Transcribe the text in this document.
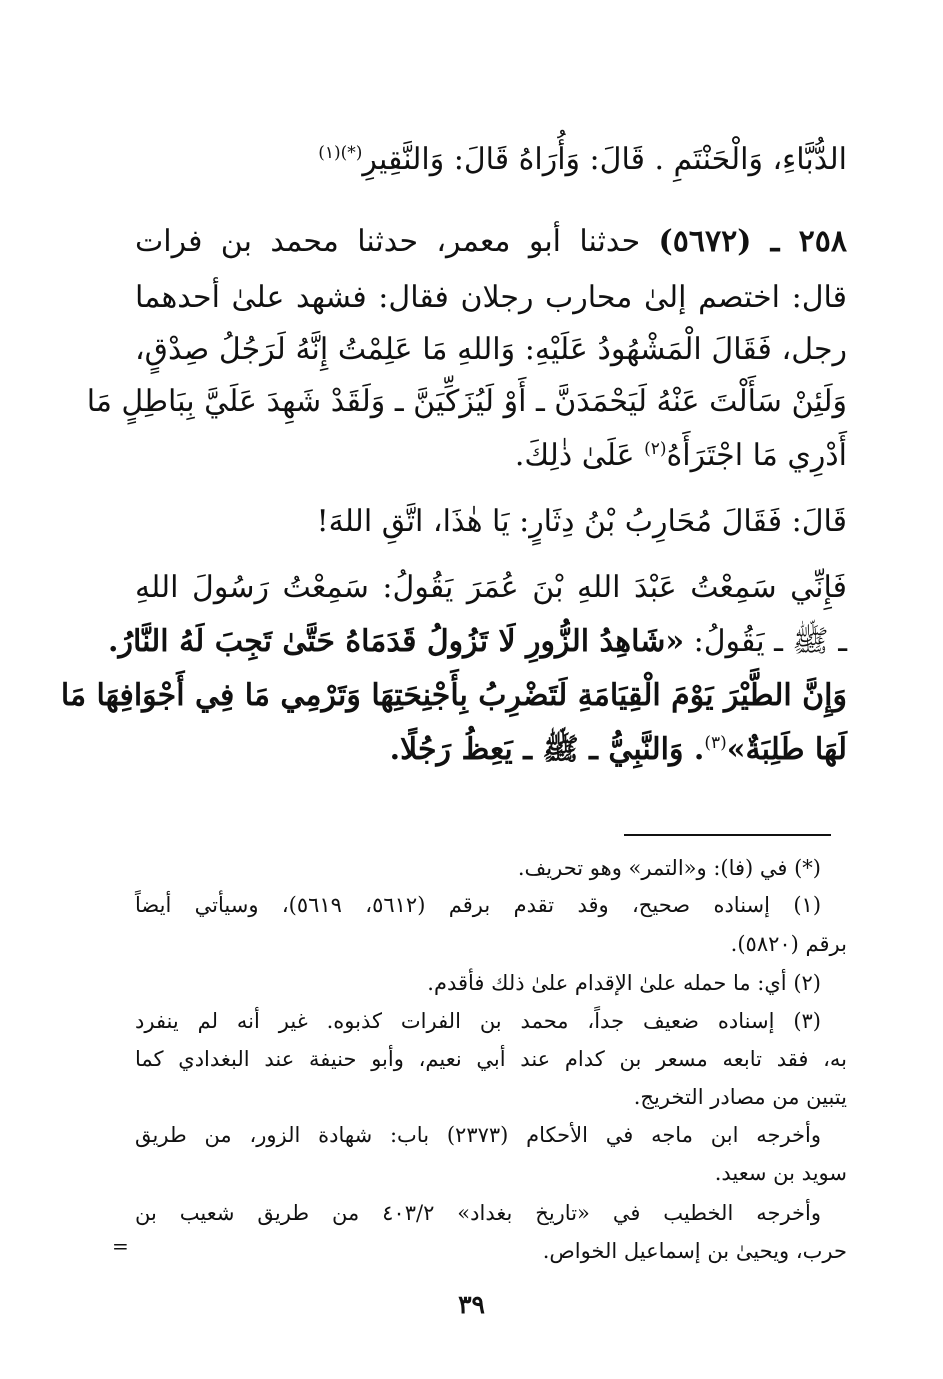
الدُّبَّاءِ، وَالْحَنْتَمِ . قَالَ: وَأُرَاهُ قَالَ: وَالنَّقِيرِ$^{(*)(١)}$
٢٥٨ ـ (٥٦٧٢) حدثنا أبو معمر، حدثنا محمد بن فرات
قال: اختصم إلىٰ محارب رجلان فقال: فشهد علىٰ أحدهما
رجل، فَقَالَ الْمَشْهُودُ عَلَيْهِ: وَاللهِ مَا عَلِمْتُ إِنَّهُ لَرَجُلُ صِدْقٍ،
وَلَئِنْ سَأَلْتَ عَنْهُ لَيَحْمَدَنَّ ـ أَوْ لَيُزَكِّيَنَّ ـ وَلَقَدْ شَهِدَ عَلَيَّ بِبَاطِلٍ مَا
أَدْرِي مَا اجْتَرَأَهُ$^{(٢)}$ عَلَىٰ ذٰلِكَ.
قَالَ: فَقَالَ مُحَارِبُ بْنُ دِثَارٍ: يَا هٰذَا، اتَّقِ اللهَ!
فَإِنِّي سَمِعْتُ عَبْدَ اللهِ بْنَ عُمَرَ يَقُولُ: سَمِعْتُ رَسُولَ اللهِ
ـ ﷺ ـ يَقُولُ: «شَاهِدُ الزُّورِ لَا تَزُولُ قَدَمَاهُ حَتَّىٰ تَجِبَ لَهُ النَّارُ.
وَإِنَّ الطَّيْرَ يَوْمَ الْقِيَامَةِ لَتَضْرِبُ بِأَجْنِحَتِهَا وَتَرْمِي مَا فِي أَجْوَافِهَا مَا
لَهَا طَلِبَةٌ»$^{(٣)}$. وَالنَّبِيُّ ـ ﷺ ـ يَعِظُ رَجُلًا.
(*) في (فا): و«التمر» وهو تحريف.
(١) إسناده صحيح، وقد تقدم برقم (٥٦١٢، ٥٦١٩)، وسيأتي أيضاً
برقم (٥٨٢٠).
(٢) أي: ما حمله علىٰ الإقدام علىٰ ذلك فأقدم.
(٣) إسناده ضعيف جداً، محمد بن الفرات كذبوه. غير أنه لم ينفرد
به، فقد تابعه مسعر بن كدام عند أبي نعيم، وأبو حنيفة عند البغدادي كما
يتبين من مصادر التخريج.
وأخرجه ابن ماجه في الأحكام (٢٣٧٣) باب: شهادة الزور، من طريق
سويد بن سعيد.
وأخرجه الخطيب في «تاريخ بغداد» ٤٠٣/٢ من طريق شعيب بن
حرب، ويحيىٰ بن إسماعيل الخواص.
=
٣٩
